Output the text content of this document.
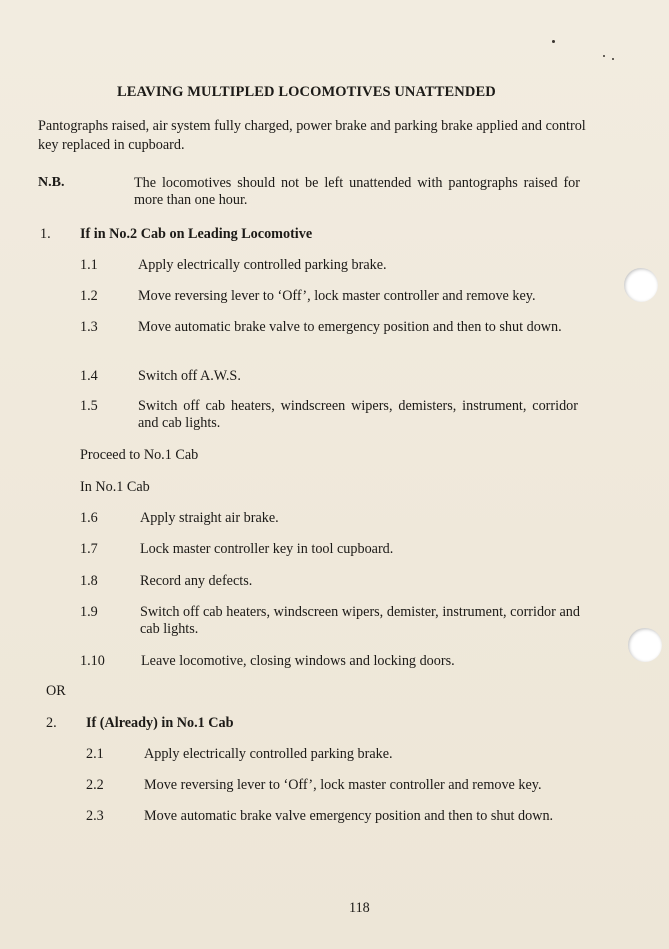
LEAVING MULTIPLED LOCOMOTIVES UNATTENDED
Pantographs raised, air system fully charged, power brake and parking brake applied and control key replaced in cupboard.
N.B.	The locomotives should not be left unattended with pantographs raised for more than one hour.
1. If in No.2 Cab on Leading Locomotive
1.1	Apply electrically controlled parking brake.
1.2	Move reversing lever to ‘Off’, lock master controller and remove key.
1.3	Move automatic brake valve to emergency position and then to shut down.
1.4	Switch off A.W.S.
1.5	Switch off cab heaters, windscreen wipers, demisters, instrument, corridor and cab lights.
Proceed to No.1 Cab
In No.1 Cab
1.6	Apply straight air brake.
1.7	Lock master controller key in tool cupboard.
1.8	Record any defects.
1.9	Switch off cab heaters, windscreen wipers, demister, instrument, corridor and cab lights.
1.10	Leave locomotive, closing windows and locking doors.
OR
2. If (Already) in No.1 Cab
2.1	Apply electrically controlled parking brake.
2.2	Move reversing lever to ‘Off’, lock master controller and remove key.
2.3	Move automatic brake valve emergency position and then to shut down.
118
